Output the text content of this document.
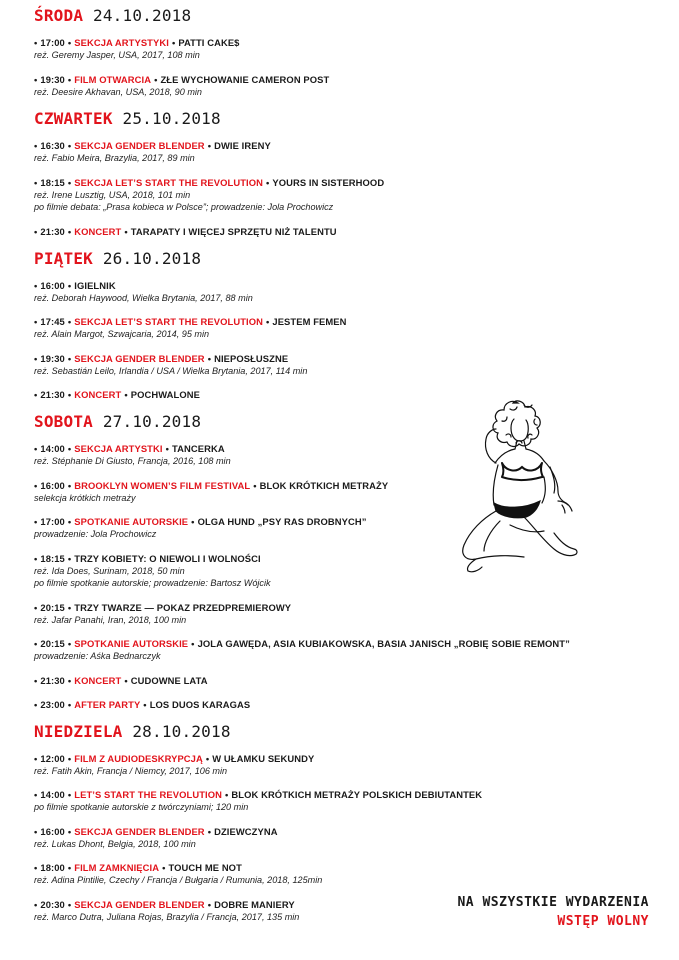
ŚRODA 24.10.2018
• 17:00 • SEKCJA ARTYSTYKI • PATTI CAKE$
reż. Geremy Jasper, USA, 2017, 108 min
• 19:30 • FILM OTWARCIA • ZŁE WYCHOWANIE CAMERON POST
reż. Deesire Akhavan, USA, 2018, 90 min
CZWARTEK 25.10.2018
• 16:30 • SEKCJA GENDER BLENDER • DWIE IRENY
reż. Fabio Meira, Brazylia, 2017, 89 min
• 18:15 • SEKCJA LET’S START THE REVOLUTION • YOURS IN SISTERHOOD
reż. Irene Lusztig, USA, 2018, 101 min
po filmie debata: „Prasa kobieca w Polsce”; prowadzenie: Jola Prochowicz
• 21:30 • KONCERT • TARAPATY I WIĘCEJ SPRZĘTU NIŻ TALENTU
PIĄTEK 26.10.2018
• 16:00 • IGIELNIK
reż. Deborah Haywood, Wielka Brytania, 2017, 88 min
• 17:45 • SEKCJA LET’S START THE REVOLUTION • JESTEM FEMEN
reż. Alain Margot, Szwajcaria, 2014, 95 min
• 19:30 • SEKCJA GENDER BLENDER • NIEPOSŁUSZNE
reż. Sebastián Leilo, Irlandia / USA / Wielka Brytania, 2017, 114 min
• 21:30 • KONCERT • POCHWALONE
SOBOTA 27.10.2018
• 14:00 • SEKCJA ARTYSTKI • TANCERKA
reż. Stéphanie Di Giusto, Francja, 2016, 108 min
• 16:00 • BROOKLYN WOMEN’S FILM FESTIVAL • BLOK KRÓTKICH METRAŻY
selekcja krótkich metraży
• 17:00 • SPOTKANIE AUTORSKIE • OLGA HUND „PSY RAS DROBNYCH”
prowadzenie: Jola Prochowicz
• 18:15 • TRZY KOBIETY: O NIEWOLI I WOLNOŚCI
reż. Ida Does, Surinam, 2018, 50 min
po filmie spotkanie autorskie; prowadzenie: Bartosz Wójcik
• 20:15 • TRZY TWARZE — POKAZ PRZEDPREMIEROWY
reż. Jafar Panahi, Iran, 2018, 100 min
• 20:15 • SPOTKANIE AUTORSKIE • JOLA GAWĘDA, ASIA KUBIAKOWSKA, BASIA JANISCH „ROBIĘ SOBIE REMONT”
prowadzenie: Aśka Bednarczyk
• 21:30 • KONCERT • CUDOWNE LATA
• 23:00 • AFTER PARTY • LOS DUOS KARAGAS
NIEDZIELA 28.10.2018
• 12:00 • FILM Z AUDIODESKRYPCJĄ • W UŁAMKU SEKUNDY
reż. Fatih Akin, Francja / Niemcy, 2017, 106 min
• 14:00 • LET’S START THE REVOLUTION • BLOK KRÓTKICH METRAŻY POLSKICH DEBIUTANTEK
po filmie spotkanie autorskie z twórczyniami; 120 min
• 16:00 • SEKCJA GENDER BLENDER • DZIEWCZYNA
reż. Lukas Dhont, Belgia, 2018, 100 min
• 18:00 • FILM ZAMKNIĘCIA • TOUCH ME NOT
reż. Adina Pintilie, Czechy / Francja / Bułgaria / Rumunia, 2018, 125min
• 20:30 • SEKCJA GENDER BLENDER • DOBRE MANIERY
reż. Marco Dutra, Juliana Rojas, Brazylia / Francja, 2017, 135 min
NA WSZYSTKIE WYDARZENIA
WSTĘP WOLNY
